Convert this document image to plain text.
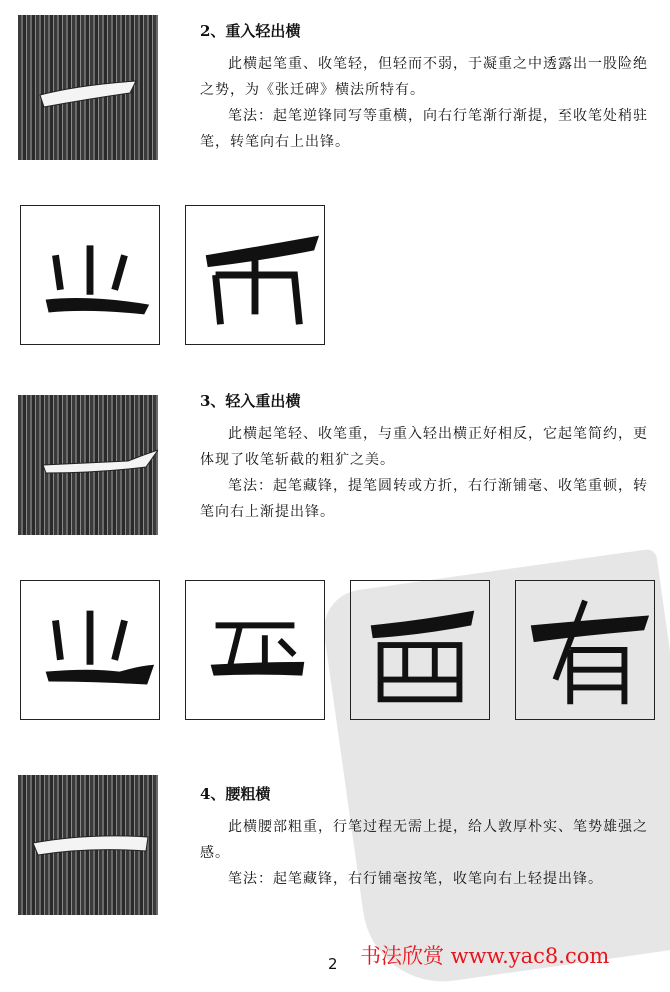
2、重入轻出横

此横起笔重、收笔轻，但轻而不弱，于凝重之中透露出一股险绝之势，为《张迁碑》横法所特有。

笔法：起笔逆锋同写等重横，向右行笔渐行渐提，至收笔处稍驻笔，转笔向右上出锋。

3、轻入重出横

此横起笔轻、收笔重，与重入轻出横正好相反，它起笔简约，更体现了收笔斩截的粗犷之美。

笔法：起笔藏锋，提笔圆转或方折，右行渐铺毫、收笔重顿，转笔向右上渐提出锋。

4、腰粗横

此横腰部粗重，行笔过程无需上提，给人敦厚朴实、笔势雄强之感。

笔法：起笔藏锋，右行铺毫按笔，收笔向右上轻提出锋。

2 书法欣赏 www.yac8.com
